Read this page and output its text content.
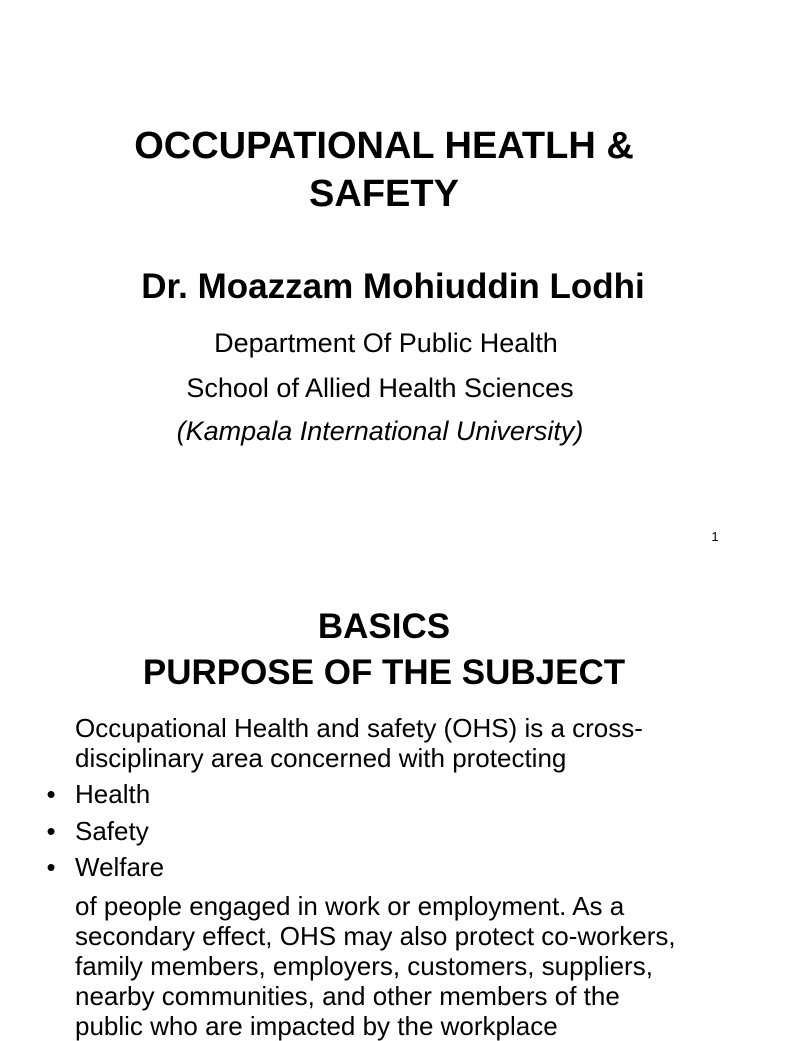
OCCUPATIONAL HEATLH &
SAFETY
Dr. Moazzam Mohiuddin Lodhi
Department Of Public Health
School of Allied Health Sciences
(Kampala International University)
1
BASICS
PURPOSE OF THE SUBJECT
Occupational Health and safety (OHS) is a cross-
disciplinary area concerned with protecting
• Health
• Safety
• Welfare
of people engaged in work or employment. As a
secondary effect, OHS may also protect co-workers,
family members, employers, customers, suppliers,
nearby communities, and other members of the
public who are impacted by the workplace
